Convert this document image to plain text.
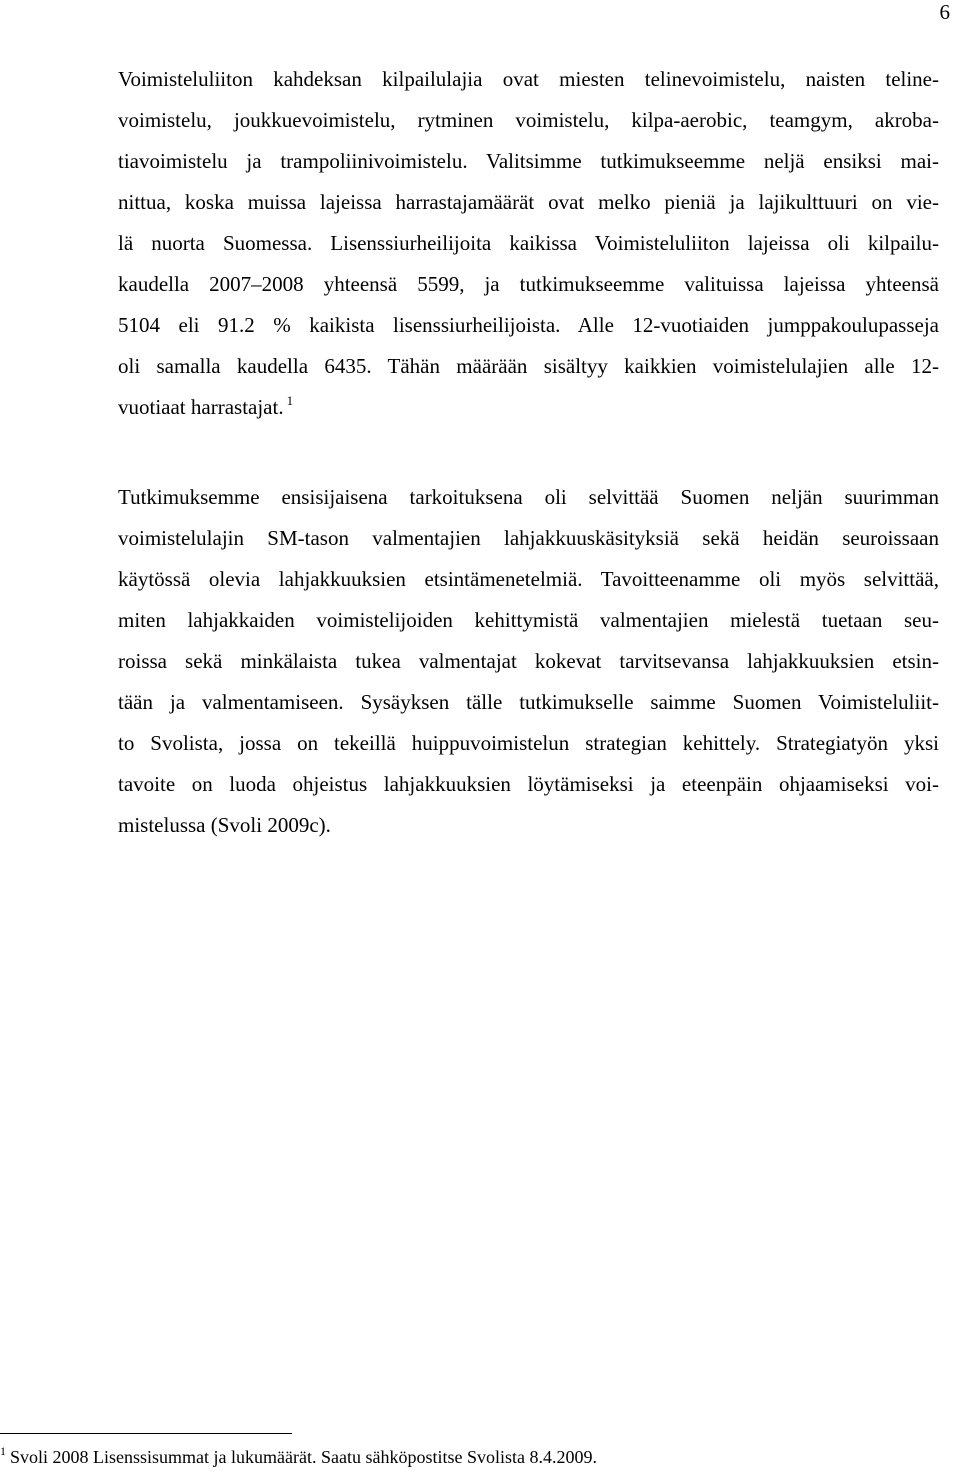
6
Voimisteluliiton kahdeksan kilpailulajia ovat miesten telinevoimistelu, naisten teline-
voimistelu, joukkuevoimistelu, rytminen voimistelu, kilpa-aerobic, teamgym, akroba-
tiavoimistelu ja trampoliinivoimistelu. Valitsimme tutkimukseemme neljä ensiksi mai-
nittua, koska muissa lajeissa harrastajamäärät ovat melko pieniä ja lajikulttuuri on vie-
lä nuorta Suomessa. Lisenssiurheilijoita kaikissa Voimisteluliiton lajeissa oli kilpailu-
kaudella 2007–2008 yhteensä 5599, ja tutkimukseemme valituissa lajeissa yhteensä
5104 eli 91.2 % kaikista lisenssiurheilijoista. Alle 12-vuotiaiden jumppakoulupasseja
oli samalla kaudella 6435. Tähän määrään sisältyy kaikkien voimistelulajien alle 12-
vuotiaat harrastajat. $^1$
Tutkimuksemme ensisijaisena tarkoituksena oli selvittää Suomen neljän suurimman
voimistelulajin SM-tason valmentajien lahjakkuuskäsityksiä sekä heidän seuroissaan
käytössä olevia lahjakkuuksien etsintämenetelmiä. Tavoitteenamme oli myös selvittää,
miten lahjakkaiden voimistelijoiden kehittymistä valmentajien mielestä tuetaan seu-
roissa sekä minkälaista tukea valmentajat kokevat tarvitsevansa lahjakkuuksien etsin-
tään ja valmentamiseen. Sysäyksen tälle tutkimukselle saimme Suomen Voimisteluliit-
to Svolista, jossa on tekeillä huippuvoimistelun strategian kehittely. Strategiatyön yksi
tavoite on luoda ohjeistus lahjakkuuksien löytämiseksi ja eteenpäin ohjaamiseksi voi-
mistelussa (Svoli 2009c).
$^1$ Svoli 2008 Lisenssisummat ja lukumäärät. Saatu sähköpostitse Svolista 8.4.2009.
